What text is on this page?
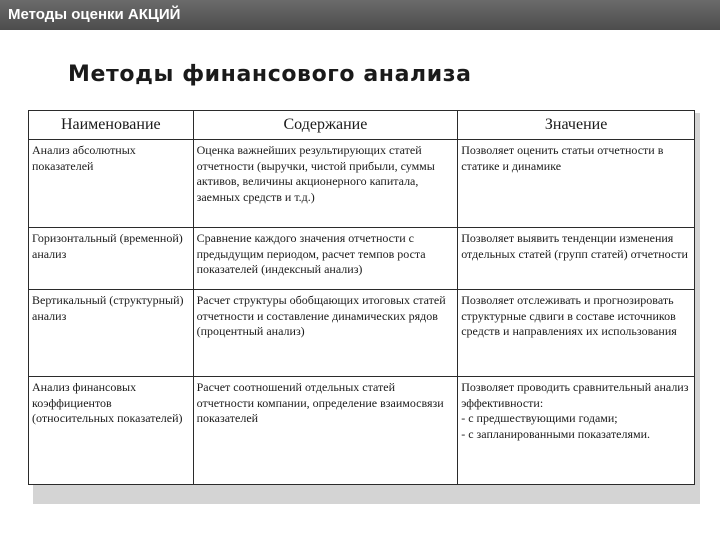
Методы оценки АКЦИЙ
Методы финансового анализа
Наименование	Содержание	Значение
Анализ абсолютных показателей	Оценка важнейших результирующих статей отчетности (выручки, чистой прибыли, суммы активов, величины акционерного капитала, заемных средств и т.д.)	Позволяет оценить статьи отчетности в статике и динамике

Горизонтальный (временной) анализ	Сравнение каждого значения отчетности с предыдущим периодом, расчет темпов роста показателей (индексный анализ)	Позволяет выявить тенденции изменения отдельных статей (групп статей) отчетности

Вертикальный (структурный) анализ	Расчет структуры обобщающих итоговых статей отчетности и составление динамических рядов (процентный анализ)	Позволяет отслеживать и прогнозировать структурные сдвиги в составе источников средств и направлениях их использования

Анализ финансовых коэффициентов (относительных показателей)	Расчет соотношений отдельных статей отчетности компании, определение взаимосвязи показателей	Позволяет проводить сравнительный анализ эффективности:
- с предшествующими годами;
- с запланированными показателями.
